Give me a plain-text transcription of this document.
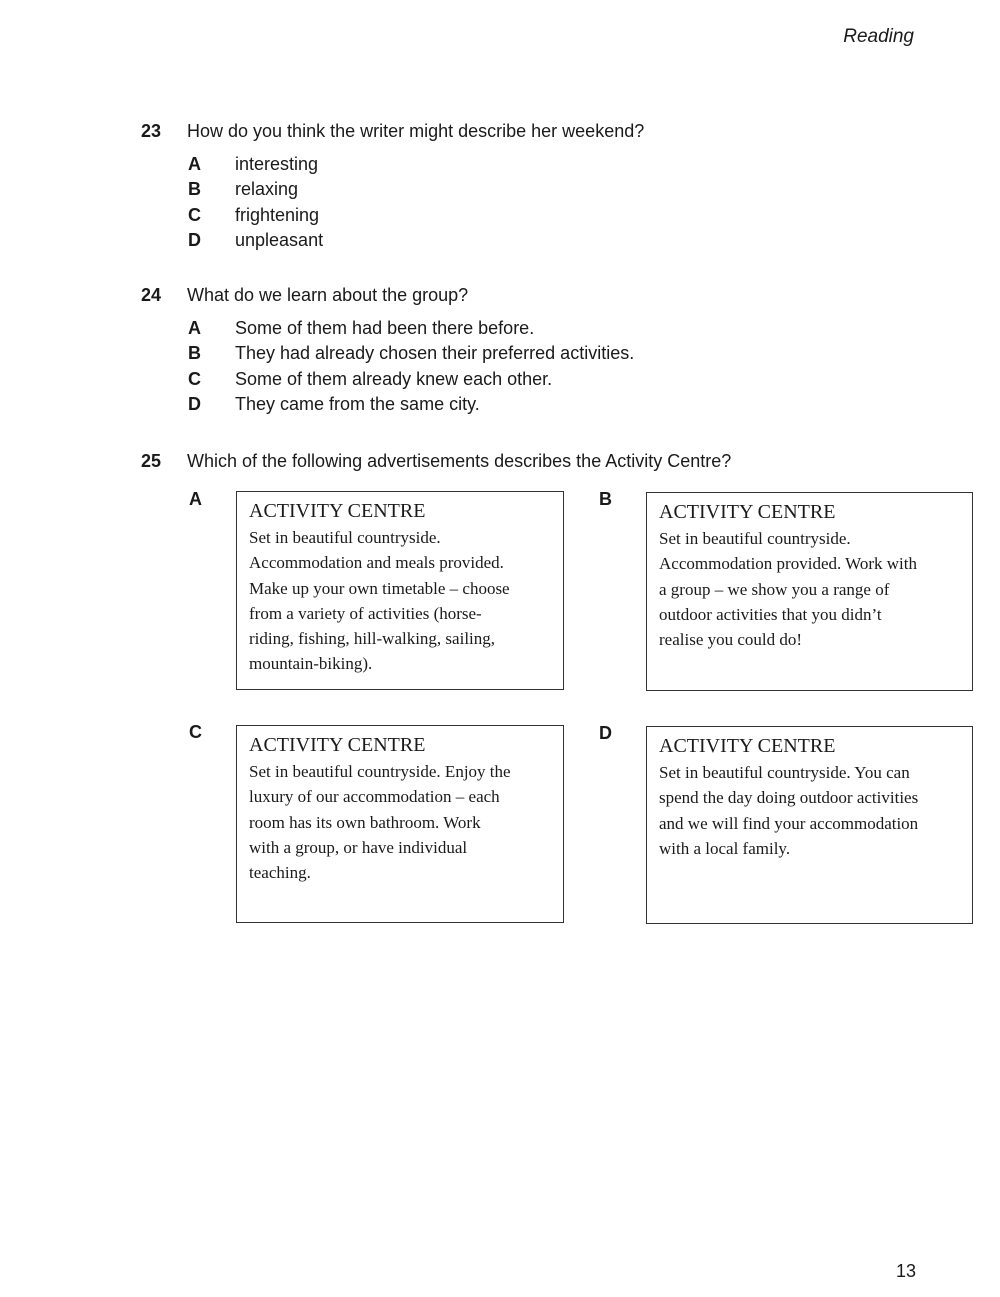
Reading
23	How do you think the writer might describe her weekend?
A	interesting
B	relaxing
C	frightening
D	unpleasant
24	What do we learn about the group?
A	Some of them had been there before.
B	They had already chosen their preferred activities.
C	Some of them already knew each other.
D	They came from the same city.
25	Which of the following advertisements describes the Activity Centre?
A
ACTIVITY CENTRE
Set in beautiful countryside.
Accommodation and meals provided.
Make up your own timetable – choose
from a variety of activities (horse-
riding, fishing, hill-walking, sailing,
mountain-biking).
B
ACTIVITY CENTRE
Set in beautiful countryside.
Accommodation provided. Work with
a group – we show you a range of
outdoor activities that you didn’t
realise you could do!
C
ACTIVITY CENTRE
Set in beautiful countryside. Enjoy the
luxury of our accommodation – each
room has its own bathroom. Work
with a group, or have individual
teaching.
D
ACTIVITY CENTRE
Set in beautiful countryside. You can
spend the day doing outdoor activities
and we will find your accommodation
with a local family.
13
